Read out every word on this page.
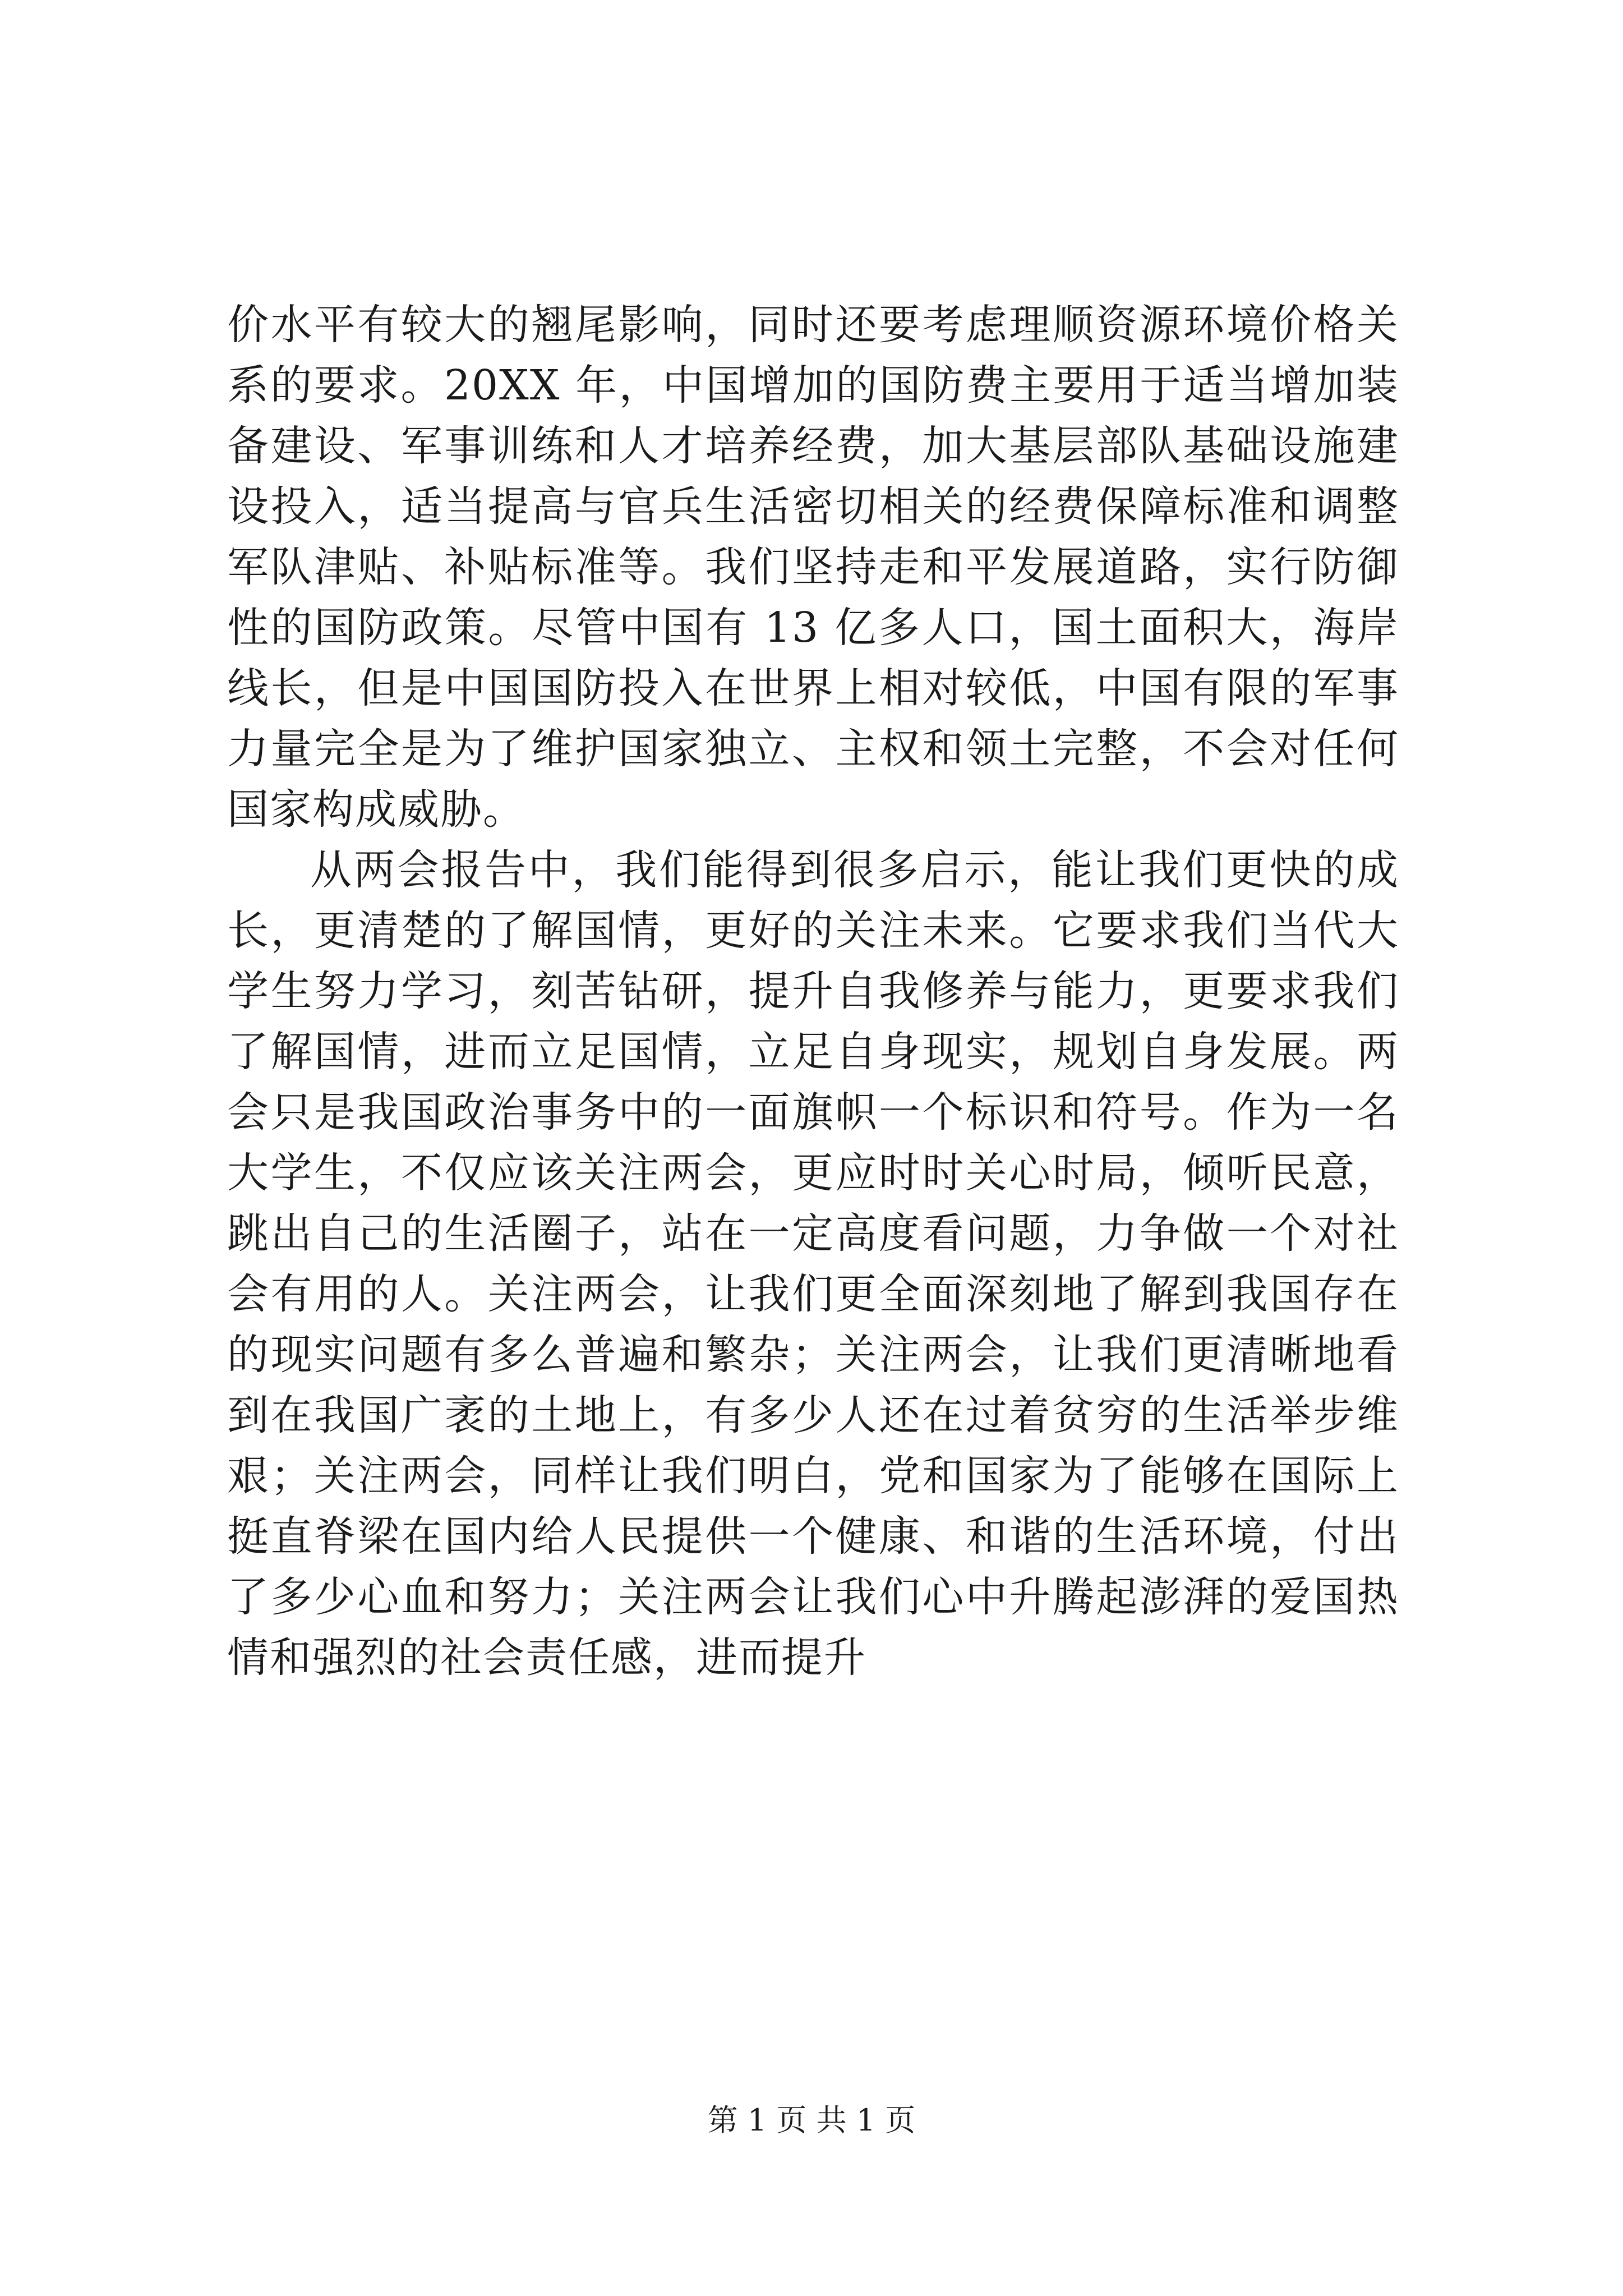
价水平有较大的翘尾影响，同时还要考虑理顺资源环境价格关系的要求。20XX 年，中国增加的国防费主要用于适当增加装备建设、军事训练和人才培养经费，加大基层部队基础设施建设投入，适当提高与官兵生活密切相关的经费保障标准和调整军队津贴、补贴标准等。我们坚持走和平发展道路，实行防御性的国防政策。尽管中国有 13 亿多人口，国土面积大，海岸线长，但是中国国防投入在世界上相对较低，中国有限的军事力量完全是为了维护国家独立、主权和领土完整，不会对任何国家构成威胁。

从两会报告中，我们能得到很多启示，能让我们更快的成长，更清楚的了解国情，更好的关注未来。它要求我们当代大学生努力学习，刻苦钻研，提升自我修养与能力，更要求我们了解国情，进而立足国情，立足自身现实，规划自身发展。两会只是我国政治事务中的一面旗帜一个标识和符号。作为一名大学生，不仅应该关注两会，更应时时关心时局，倾听民意，跳出自己的生活圈子，站在一定高度看问题，力争做一个对社会有用的人。关注两会，让我们更全面深刻地了解到我国存在的现实问题有多么普遍和繁杂；关注两会，让我们更清晰地看到在我国广袤的土地上，有多少人还在过着贫穷的生活举步维艰；关注两会，同样让我们明白，党和国家为了能够在国际上挺直脊梁在国内给人民提供一个健康、和谐的生活环境，付出了多少心血和努力；关注两会让我们心中升腾起澎湃的爱国热情和强烈的社会责任感，进而提升

第 1 页 共 1 页
